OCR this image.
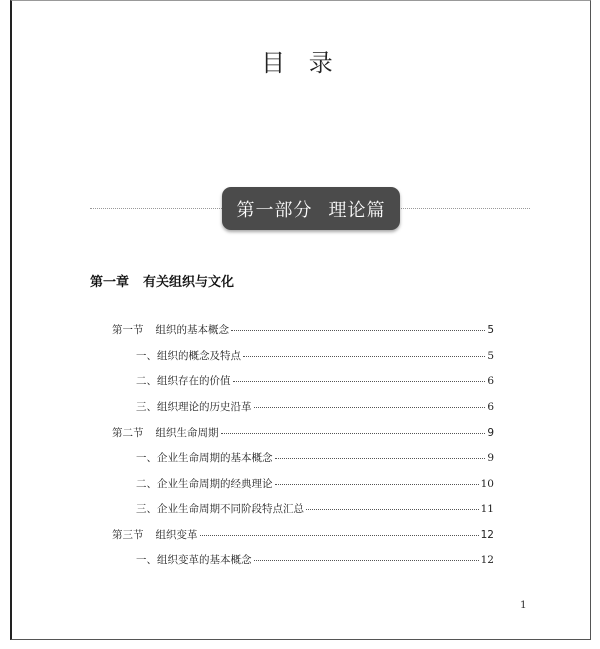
目 录
第一部分 理论篇
第一章 有关组织与文化
第一节 组织的基本概念	5
一、组织的概念及特点	5
二、组织存在的价值	6
三、组织理论的历史沿革	6
第二节 组织生命周期	9
一、企业生命周期的基本概念	9
二、企业生命周期的经典理论	10
三、企业生命周期不同阶段特点汇总	11
第三节 组织变革	12
一、组织变革的基本概念	12
1
